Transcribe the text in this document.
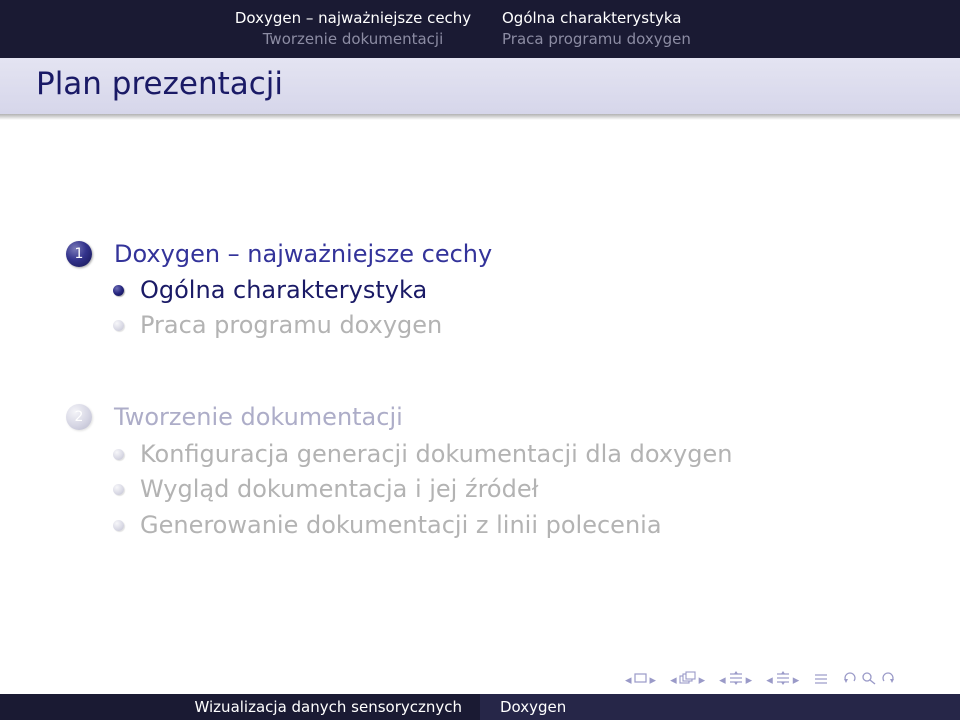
Doxygen – najważniejsze cechy
Tworzenie dokumentacji
Ogólna charakterystyka
Praca programu doxygen
Plan prezentacji
1	Doxygen – najważniejsze cechy
Ogólna charakterystyka
Praca programu doxygen
2	Tworzenie dokumentacji
Konfiguracja generacji dokumentacji dla doxygen
Wygląd dokumentacja i jej źródeł
Generowanie dokumentacji z linii polecenia
◂ ▸ ◂ ▸ ◂ ▸ ◂ ▸
Wizualizacja danych sensorycznych	Doxygen
